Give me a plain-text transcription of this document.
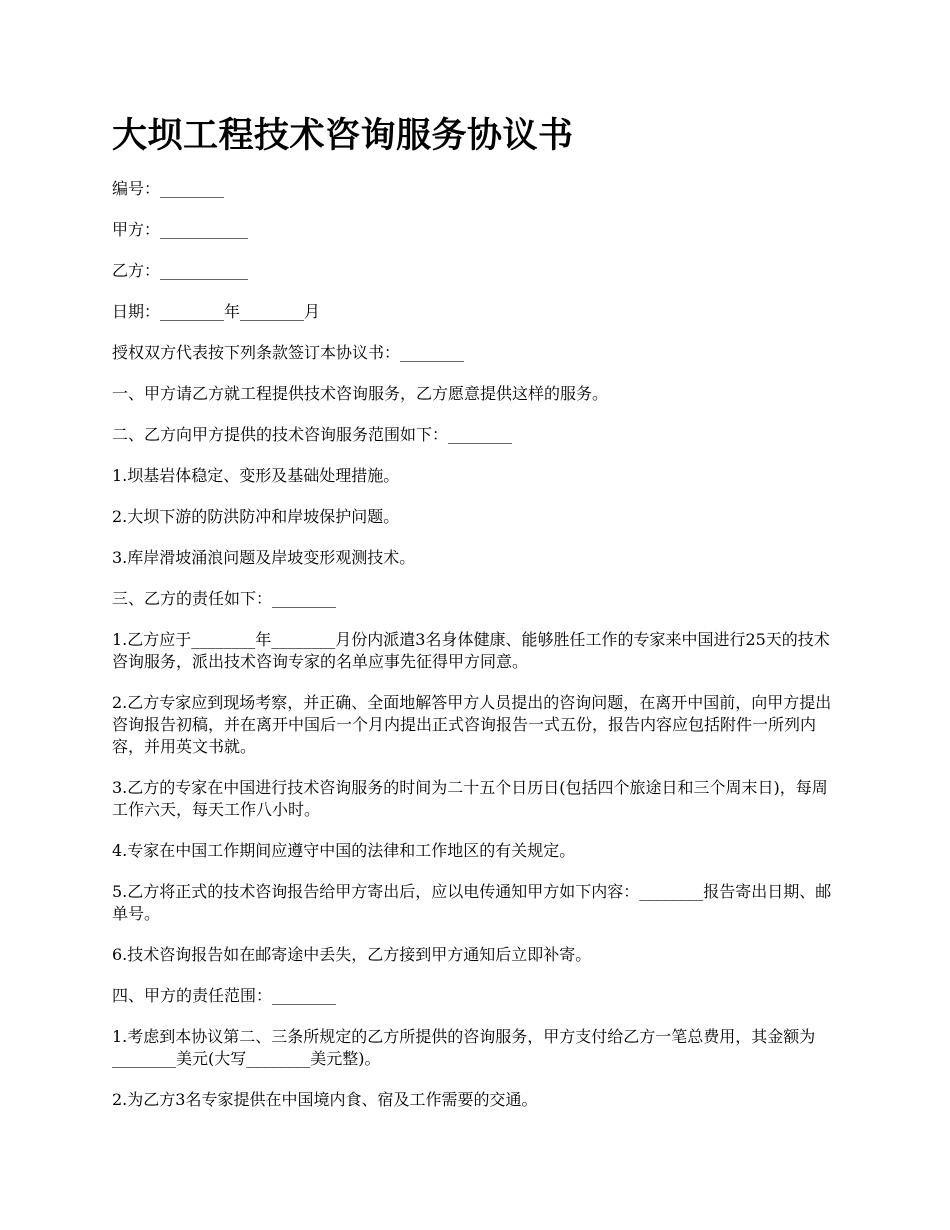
大坝工程技术咨询服务协议书

编号：________

甲方：___________

乙方：___________

日期：________年________月

授权双方代表按下列条款签订本协议书：________

一、甲方请乙方就工程提供技术咨询服务，乙方愿意提供这样的服务。

二、乙方向甲方提供的技术咨询服务范围如下：________

1.坝基岩体稳定、变形及基础处理措施。

2.大坝下游的防洪防冲和岸坡保护问题。

3.库岸滑坡涌浪问题及岸坡变形观测技术。

三、乙方的责任如下：________

1.乙方应于________年________月份内派遣3名身体健康、能够胜任工作的专家来中国进行25天的技术咨询服务，派出技术咨询专家的名单应事先征得甲方同意。

2.乙方专家应到现场考察，并正确、全面地解答甲方人员提出的咨询问题，在离开中国前，向甲方提出咨询报告初稿，并在离开中国后一个月内提出正式咨询报告一式五份，报告内容应包括附件一所列内容，并用英文书就。

3.乙方的专家在中国进行技术咨询服务的时间为二十五个日历日(包括四个旅途日和三个周末日)，每周工作六天，每天工作八小时。

4.专家在中国工作期间应遵守中国的法律和工作地区的有关规定。

5.乙方将正式的技术咨询报告给甲方寄出后，应以电传通知甲方如下内容：________报告寄出日期、邮单号。

6.技术咨询报告如在邮寄途中丢失，乙方接到甲方通知后立即补寄。

四、甲方的责任范围：________

1.考虑到本协议第二、三条所规定的乙方所提供的咨询服务，甲方支付给乙方一笔总费用，其金额为________美元(大写________美元整)。

2.为乙方3名专家提供在中国境内食、宿及工作需要的交通。
